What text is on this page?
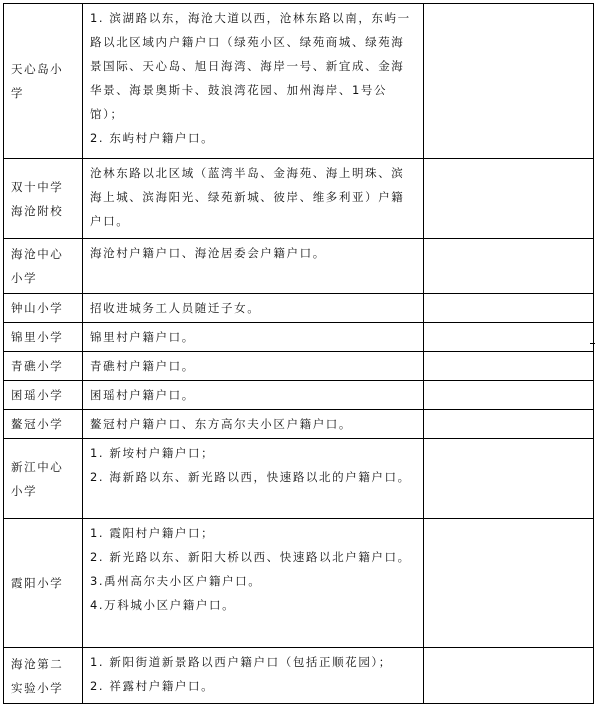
天心岛小学	1. 滨湖路以东，海沧大道以西，沧林东路以南，东屿一路以北区域内户籍户口（绿苑小区、绿苑商城、绿苑海景国际、天心岛、旭日海湾、海岸一号、新宜成、金海华景、海景奥斯卡、鼓浪湾花园、加州海岸、1号公馆）；
2. 东屿村户籍户口。	

双十中学海沧附校	沧林东路以北区域（蓝湾半岛、金海苑、海上明珠、滨海上城、滨海阳光、绿苑新城、彼岸、维多利亚）户籍户口。	

海沧中心小学	海沧村户籍户口、海沧居委会户籍户口。	

钟山小学	招收进城务工人员随迁子女。	

锦里小学	锦里村户籍户口。	

青礁小学	青礁村户籍户口。	

囷瑶小学	囷瑶村户籍户口。	

鳌冠小学	鳌冠村户籍户口、东方高尔夫小区户籍户口。	

新江中心小学	1. 新垵村户籍户口；
2. 海新路以东、新光路以西，快速路以北的户籍户口。	

霞阳小学	1. 霞阳村户籍户口；
2. 新光路以东、新阳大桥以西、快速路以北户籍户口。
3.禹州高尔夫小区户籍户口。
4.万科城小区户籍户口。	

海沧第二实验小学	1. 新阳街道新景路以西户籍户口（包括正顺花园）；
2. 祥露村户籍户口。	
